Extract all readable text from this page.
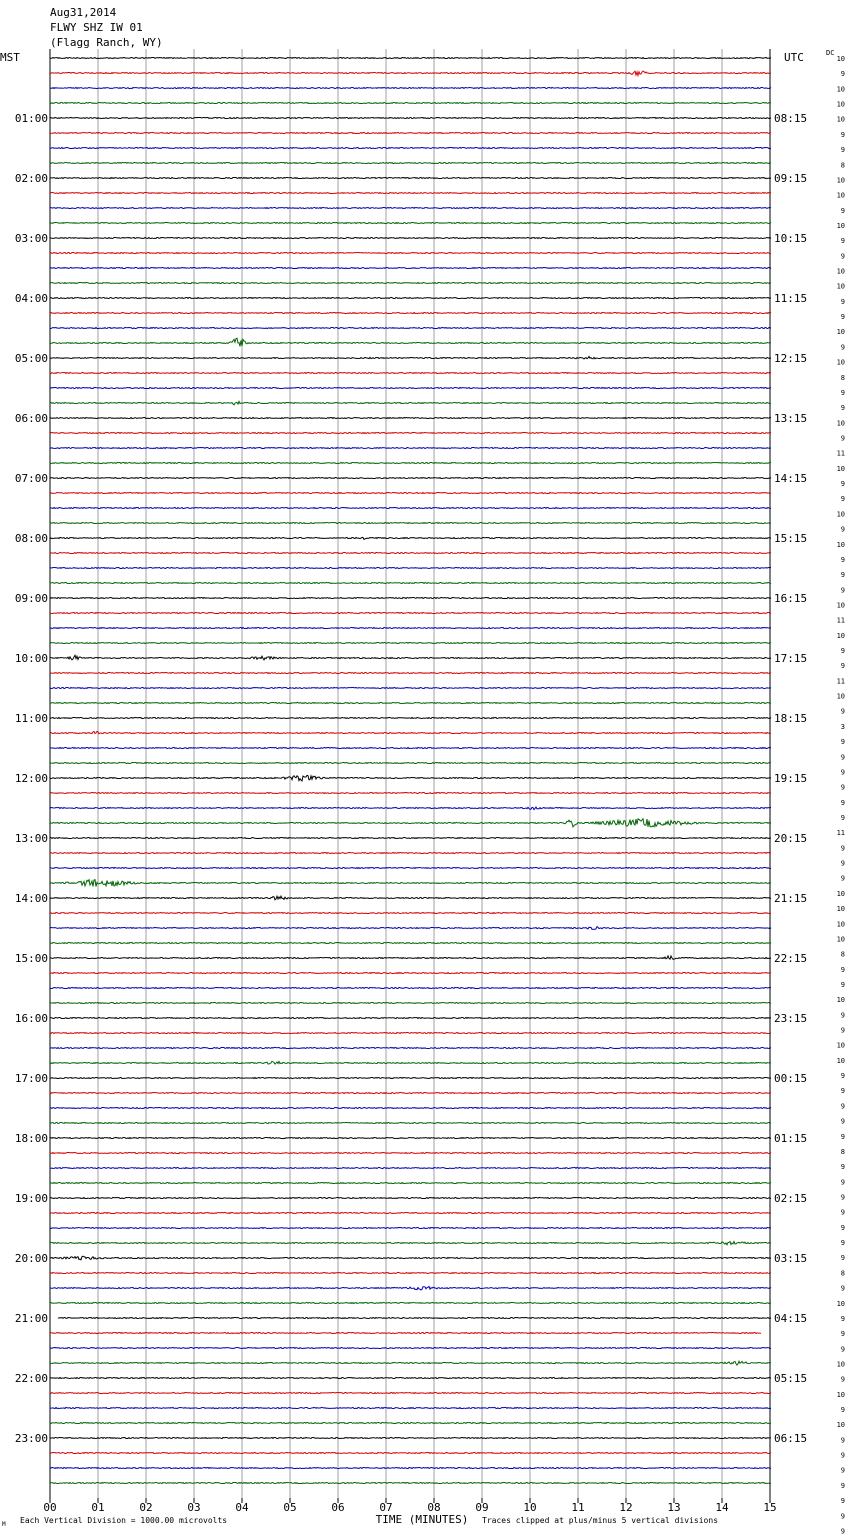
Aug31,2014
FLWY SHZ IW 01
(Flagg Ranch, WY)
MST	UTC	DC
01:00
02:00
03:00
04:00
05:00
06:00
07:00
08:00
09:00
10:00
11:00
12:00
13:00
14:00
15:00
16:00
17:00
18:00
19:00
20:00
21:00
22:00
23:00
08:15
09:15
10:15
11:15
12:15
13:15
14:15
15:15
16:15
17:15
18:15
19:15
20:15
21:15
22:15
23:15
00:15
01:15
02:15
03:15
04:15
05:15
06:15
10
9
10
10
10
9
9
8
10
10
9
10
9
9
10
10
9
9
10
9
10
8
9
9
10
9
11
10
9
9
10
9
10
9
9
9
10
11
10
9
9
11
10
9
3
9
9
9
9
9
9
11
9
9
9
10
10
10
10
8
9
9
10
9
9
10
10
9
9
9
9
9
8
9
9
9
9
9
9
9
8
9
10
9
9
9
10
9
10
9
10
9
9
9
9
9
9
9
00	01	02	03	04	05	06	07	08	09	10	11	12	13	14	15
TIME (MINUTES)
Each Vertical Division = 1000.00 microvolts	Traces clipped at plus/minus 5 vertical divisions
M
